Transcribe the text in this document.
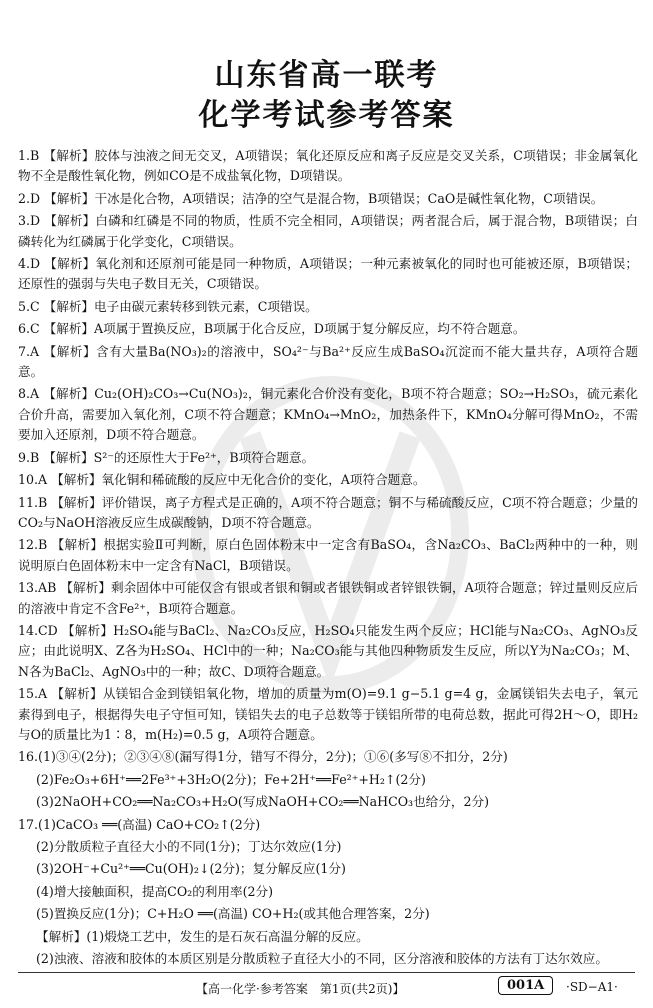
山东省高一联考
化学考试参考答案
1.B 【解析】胶体与浊液之间无交叉，A项错误；氧化还原反应和离子反应是交叉关系，C项错误；非金属氧化物不全是酸性氧化物，例如CO是不成盐氧化物，D项错误。
2.D 【解析】干冰是化合物，A项错误；洁净的空气是混合物，B项错误；CaO是碱性氧化物，C项错误。
3.D 【解析】白磷和红磷是不同的物质，性质不完全相同，A项错误；两者混合后，属于混合物，B项错误；白磷转化为红磷属于化学变化，C项错误。
4.D 【解析】氧化剂和还原剂可能是同一种物质，A项错误；一种元素被氧化的同时也可能被还原，B项错误；还原性的强弱与失电子数目无关，C项错误。
5.C 【解析】电子由碳元素转移到铁元素，C项错误。
6.C 【解析】A项属于置换反应，B项属于化合反应，D项属于复分解反应，均不符合题意。
7.A 【解析】含有大量Ba(NO₃)₂的溶液中，SO₄²⁻与Ba²⁺反应生成BaSO₄沉淀而不能大量共存，A项符合题意。
8.A 【解析】Cu₂(OH)₂CO₃→Cu(NO₃)₂，铜元素化合价没有变化，B项不符合题意；SO₂→H₂SO₃，硫元素化合价升高，需要加入氧化剂，C项不符合题意；KMnO₄→MnO₂，加热条件下，KMnO₄分解可得MnO₂，不需要加入还原剂，D项不符合题意。
9.B 【解析】S²⁻的还原性大于Fe²⁺，B项符合题意。
10.A 【解析】氧化铜和稀硫酸的反应中无化合价的变化，A项符合题意。
11.B 【解析】评价错误，离子方程式是正确的，A项不符合题意；铜不与稀硫酸反应，C项不符合题意；少量的CO₂与NaOH溶液反应生成碳酸钠，D项不符合题意。
12.B 【解析】根据实验Ⅱ可判断，原白色固体粉末中一定含有BaSO₄，含Na₂CO₃、BaCl₂两种中的一种，则说明原白色固体粉末中一定含有NaCl，B项错误。
13.AB 【解析】剩余固体中可能仅含有银或者银和铜或者银铁铜或者锌银铁铜，A项符合题意；锌过量则反应后的溶液中肯定不含Fe²⁺，B项符合题意。
14.CD 【解析】H₂SO₄能与BaCl₂、Na₂CO₃反应，H₂SO₄只能发生两个反应；HCl能与Na₂CO₃、AgNO₃反应；由此说明X、Z各为H₂SO₄、HCl中的一种；Na₂CO₃能与其他四种物质发生反应，所以Y为Na₂CO₃；M、N各为BaCl₂、AgNO₃中的一种；故C、D项符合题意。
15.A 【解析】从镁铝合金到镁铝氧化物，增加的质量为m(O)=9.1 g−5.1 g=4 g，金属镁铝失去电子，氧元素得到电子，根据得失电子守恒可知，镁铝失去的电子总数等于镁铝所带的电荷总数，据此可得2H～O，即H₂与O的质量比为1∶8，m(H₂)=0.5 g，A项符合题意。
16.(1)③④(2分)；②③④⑧(漏写得1分，错写不得分，2分)；①⑥(多写⑧不扣分，2分)
(2)Fe₂O₃+6H⁺══2Fe³⁺+3H₂O(2分)；Fe+2H⁺══Fe²⁺+H₂↑(2分)
(3)2NaOH+CO₂══Na₂CO₃+H₂O(写成NaOH+CO₂══NaHCO₃也给分，2分)
17.(1)CaCO₃ ══(高温) CaO+CO₂↑(2分)
(2)分散质粒子直径大小的不同(1分)；丁达尔效应(1分)
(3)2OH⁻+Cu²⁺══Cu(OH)₂↓(2分)；复分解反应(1分)
(4)增大接触面积，提高CO₂的利用率(2分)
(5)置换反应(1分)；C+H₂O ══(高温) CO+H₂(或其他合理答案，2分)
【解析】(1)煅烧工艺中，发生的是石灰石高温分解的反应。
(2)浊液、溶液和胶体的本质区别是分散质粒子直径大小的不同，区分溶液和胶体的方法有丁达尔效应。
【高一化学·参考答案　第1页(共2页)】	001A	·SD−A1·
